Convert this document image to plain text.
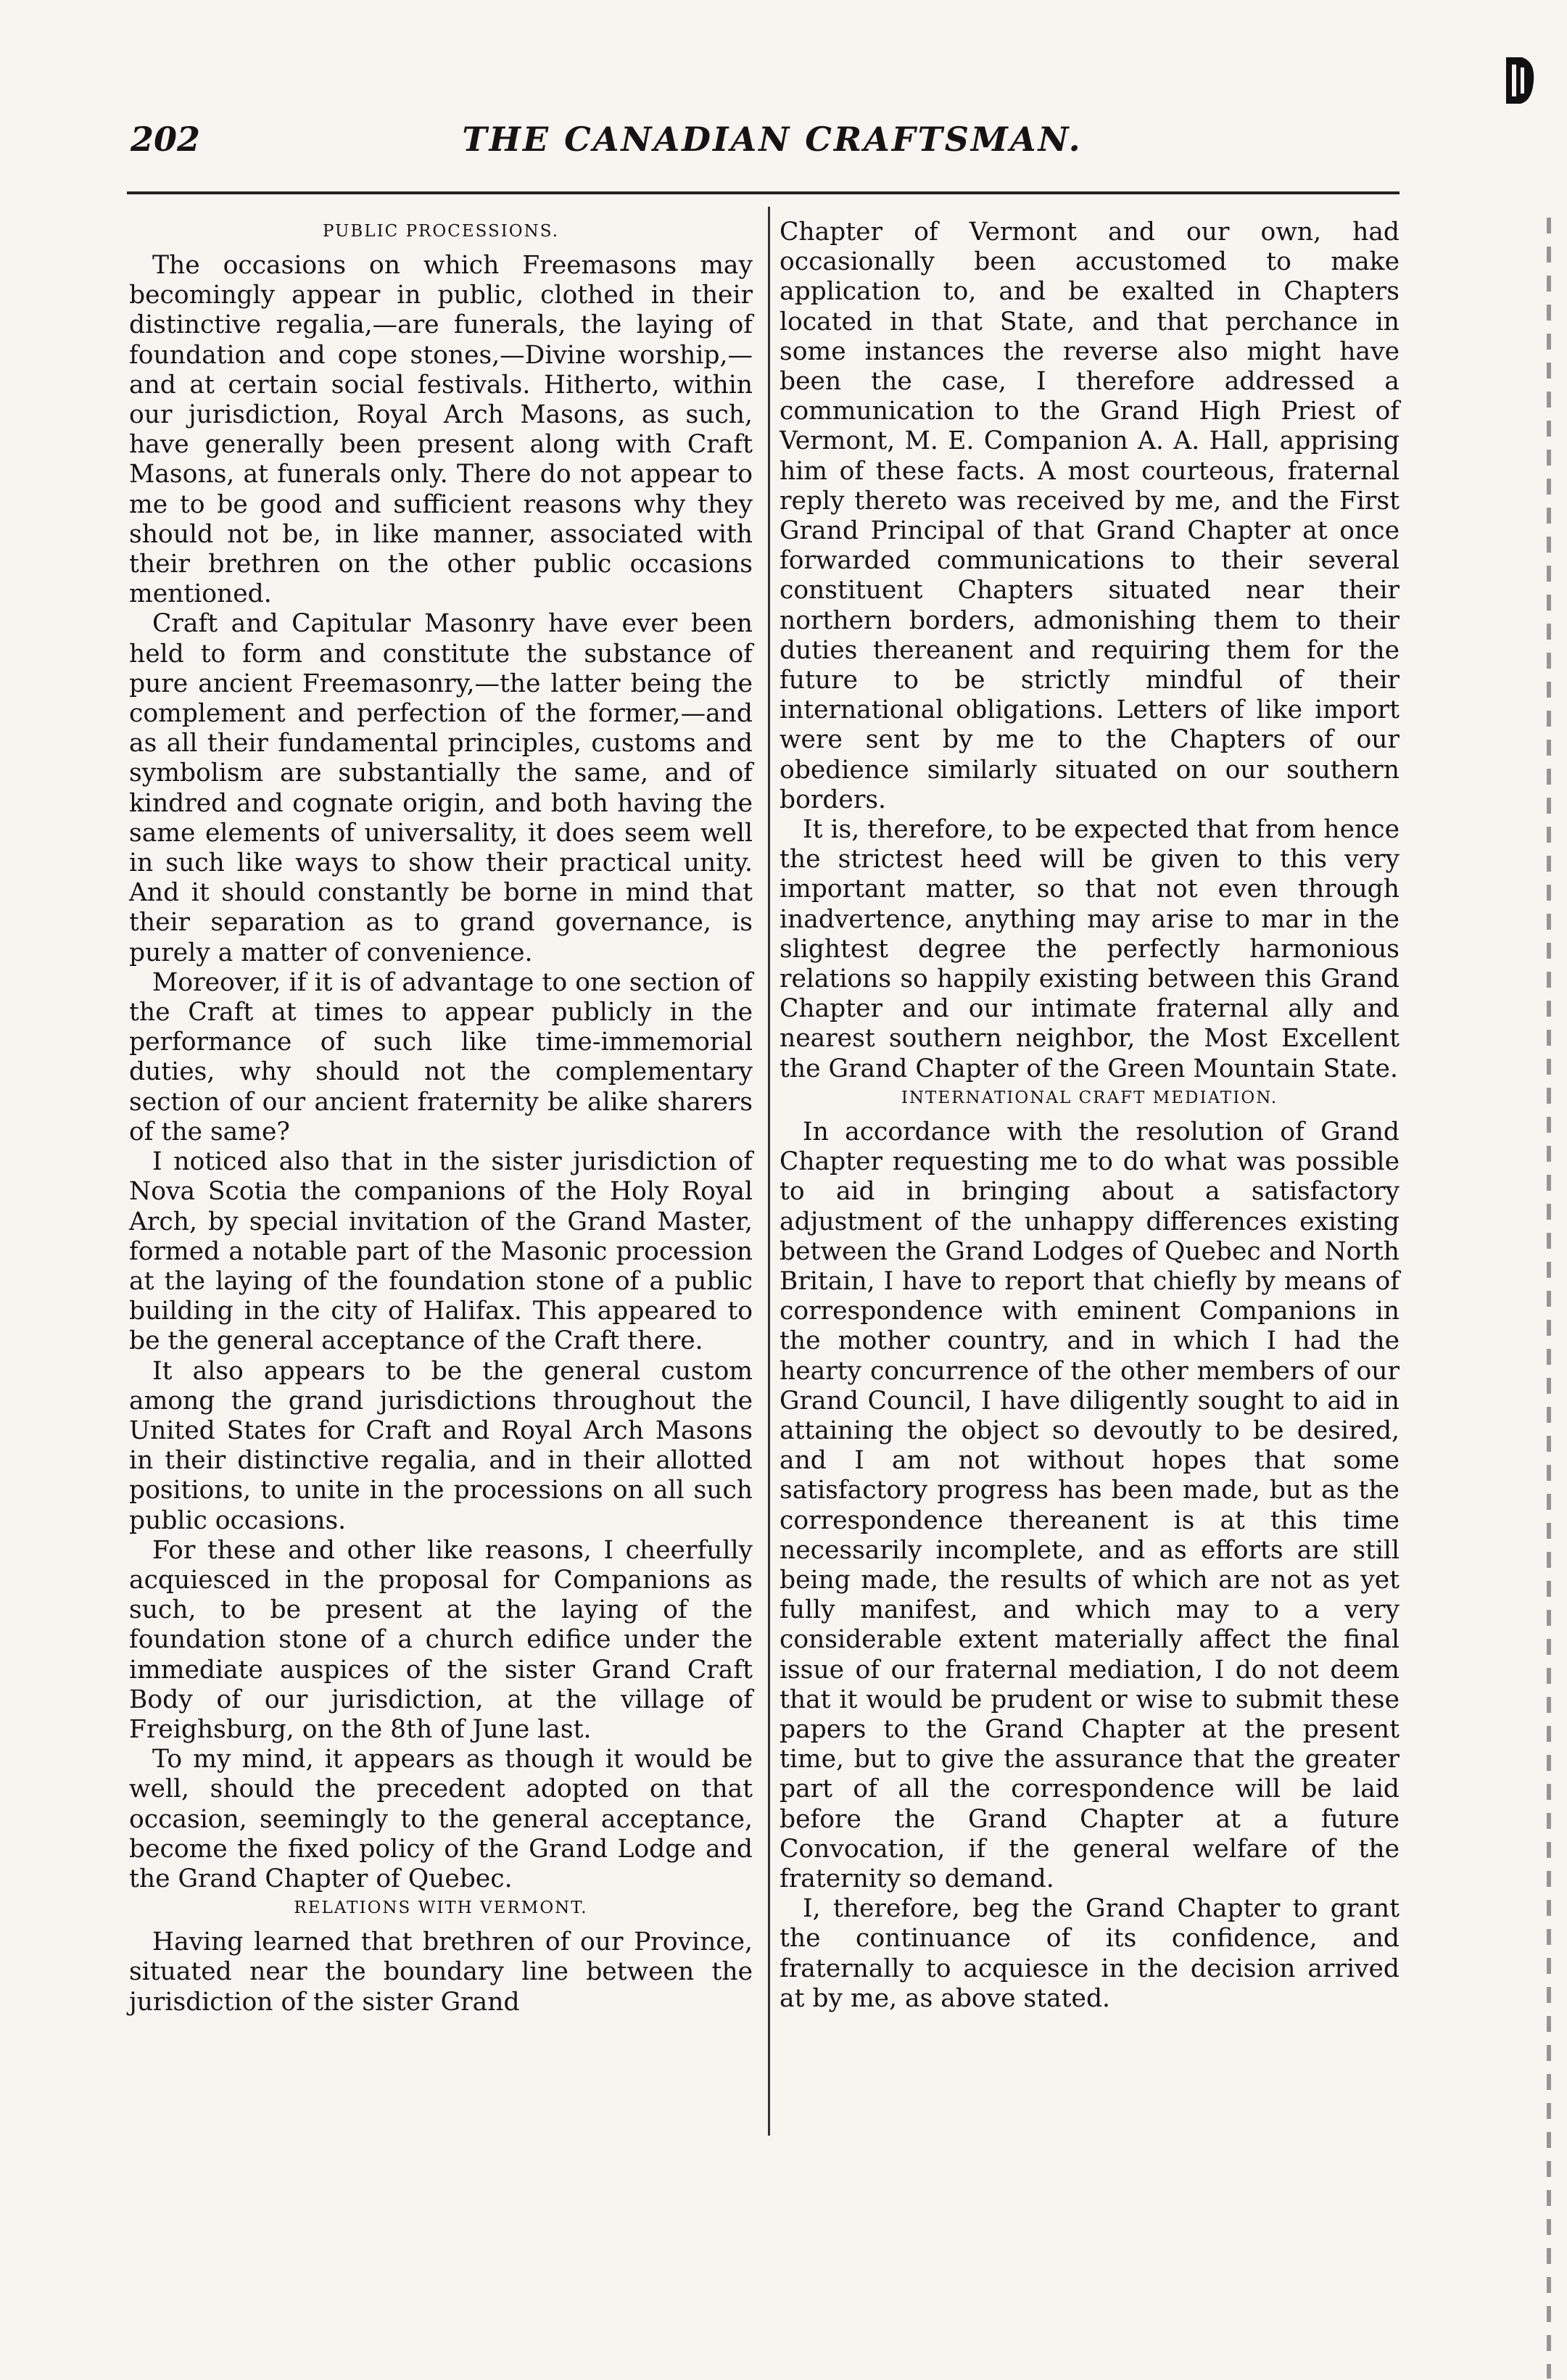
202	THE CANADIAN CRAFTSMAN.
PUBLIC PROCESSIONS.

The occasions on which Freemasons may becomingly appear in public, clothed in their distinctive regalia,—are funerals, the laying of foundation and cope stones,—Divine worship,—and at certain social festivals. Hitherto, within our jurisdiction, Royal Arch Masons, as such, have generally been present along with Craft Masons, at funerals only. There do not appear to me to be good and sufficient reasons why they should not be, in like manner, associated with their brethren on the other public occasions mentioned.

Craft and Capitular Masonry have ever been held to form and constitute the substance of pure ancient Freemasonry,—the latter being the complement and perfection of the former,—and as all their fundamental principles, customs and symbolism are substantially the same, and of kindred and cognate origin, and both having the same elements of universality, it does seem well in such like ways to show their practical unity. And it should constantly be borne in mind that their separation as to grand governance, is purely a matter of convenience.

Moreover, if it is of advantage to one section of the Craft at times to appear publicly in the performance of such like time-immemorial duties, why should not the complementary section of our ancient fraternity be alike sharers of the same?

I noticed also that in the sister jurisdiction of Nova Scotia the companions of the Holy Royal Arch, by special invitation of the Grand Master, formed a notable part of the Masonic procession at the laying of the foundation stone of a public building in the city of Halifax. This appeared to be the general acceptance of the Craft there.

It also appears to be the general custom among the grand jurisdictions throughout the United States for Craft and Royal Arch Masons in their distinctive regalia, and in their allotted positions, to unite in the processions on all such public occasions.

For these and other like reasons, I cheerfully acquiesced in the proposal for Companions as such, to be present at the laying of the foundation stone of a church edifice under the immediate auspices of the sister Grand Craft Body of our jurisdiction, at the village of Freighsburg, on the 8th of June last.

To my mind, it appears as though it would be well, should the precedent adopted on that occasion, seemingly to the general acceptance, become the fixed policy of the Grand Lodge and the Grand Chapter of Quebec.

RELATIONS WITH VERMONT.

Having learned that brethren of our Province, situated near the boundary line between the jurisdiction of the sister Grand

Chapter of Vermont and our own, had occasionally been accustomed to make application to, and be exalted in Chapters located in that State, and that perchance in some instances the reverse also might have been the case, I therefore addressed a communication to the Grand High Priest of Vermont, M. E. Companion A. A. Hall, apprising him of these facts. A most courteous, fraternal reply thereto was received by me, and the First Grand Principal of that Grand Chapter at once forwarded communications to their several constituent Chapters situated near their northern borders, admonishing them to their duties thereanent and requiring them for the future to be strictly mindful of their international obligations. Letters of like import were sent by me to the Chapters of our obedience similarly situated on our southern borders.

It is, therefore, to be expected that from hence the strictest heed will be given to this very important matter, so that not even through inadvertence, anything may arise to mar in the slightest degree the perfectly harmonious relations so happily existing between this Grand Chapter and our intimate fraternal ally and nearest southern neighbor, the Most Excellent the Grand Chapter of the Green Mountain State.

INTERNATIONAL CRAFT MEDIATION.

In accordance with the resolution of Grand Chapter requesting me to do what was possible to aid in bringing about a satisfactory adjustment of the unhappy differences existing between the Grand Lodges of Quebec and North Britain, I have to report that chiefly by means of correspondence with eminent Companions in the mother country, and in which I had the hearty concurrence of the other members of our Grand Council, I have diligently sought to aid in attaining the object so devoutly to be desired, and I am not without hopes that some satisfactory progress has been made, but as the correspondence thereanent is at this time necessarily incomplete, and as efforts are still being made, the results of which are not as yet fully manifest, and which may to a very considerable extent materially affect the final issue of our fraternal mediation, I do not deem that it would be prudent or wise to submit these papers to the Grand Chapter at the present time, but to give the assurance that the greater part of all the correspondence will be laid before the Grand Chapter at a future Convocation, if the general welfare of the fraternity so demand.

I, therefore, beg the Grand Chapter to grant the continuance of its confidence, and fraternally to acquiesce in the decision arrived at by me, as above stated.
